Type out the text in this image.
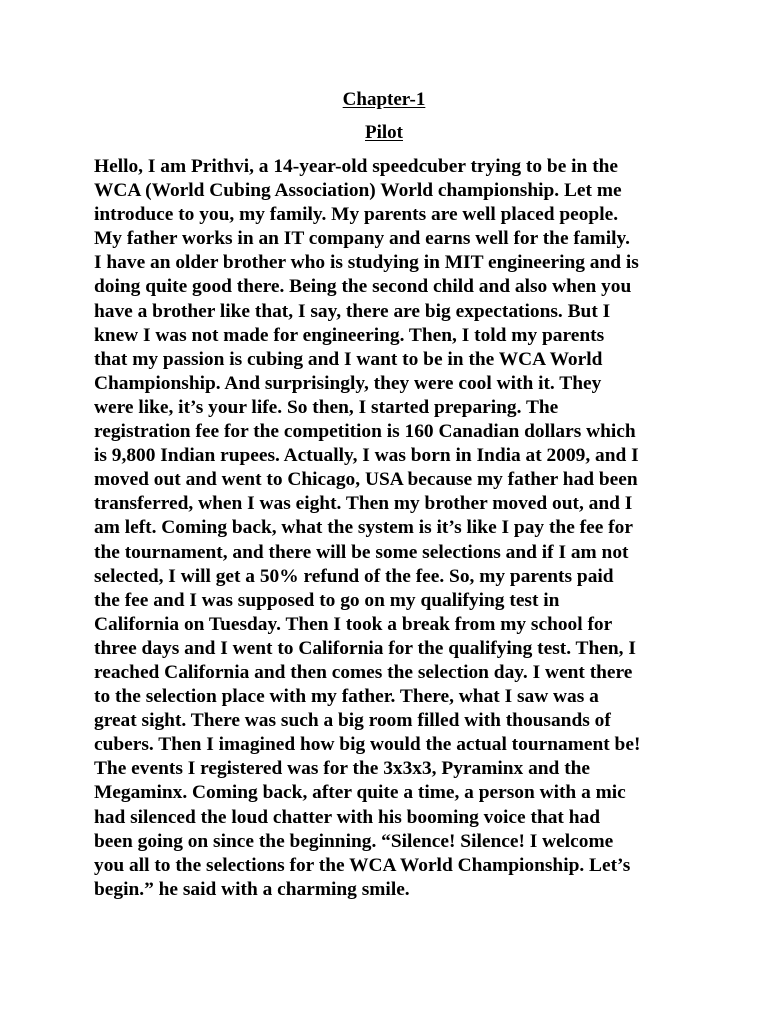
Chapter-1
Pilot
Hello, I am Prithvi, a 14-year-old speedcuber trying to be in the
WCA (World Cubing Association) World championship. Let me
introduce to you, my family. My parents are well placed people.
My father works in an IT company and earns well for the family.
I have an older brother who is studying in MIT engineering and is
doing quite good there. Being the second child and also when you
have a brother like that, I say, there are big expectations. But I
knew I was not made for engineering. Then, I told my parents
that my passion is cubing and I want to be in the WCA World
Championship. And surprisingly, they were cool with it. They
were like, it’s your life. So then, I started preparing. The
registration fee for the competition is 160 Canadian dollars which
is 9,800 Indian rupees. Actually, I was born in India at 2009, and I
moved out and went to Chicago, USA because my father had been
transferred, when I was eight. Then my brother moved out, and I
am left. Coming back, what the system is it’s like I pay the fee for
the tournament, and there will be some selections and if I am not
selected, I will get a 50% refund of the fee. So, my parents paid
the fee and I was supposed to go on my qualifying test in
California on Tuesday. Then I took a break from my school for
three days and I went to California for the qualifying test. Then, I
reached California and then comes the selection day. I went there
to the selection place with my father. There, what I saw was a
great sight. There was such a big room filled with thousands of
cubers. Then I imagined how big would the actual tournament be!
The events I registered was for the 3x3x3, Pyraminx and the
Megaminx. Coming back, after quite a time, a person with a mic
had silenced the loud chatter with his booming voice that had
been going on since the beginning. “Silence! Silence! I welcome
you all to the selections for the WCA World Championship. Let’s
begin.” he said with a charming smile.
